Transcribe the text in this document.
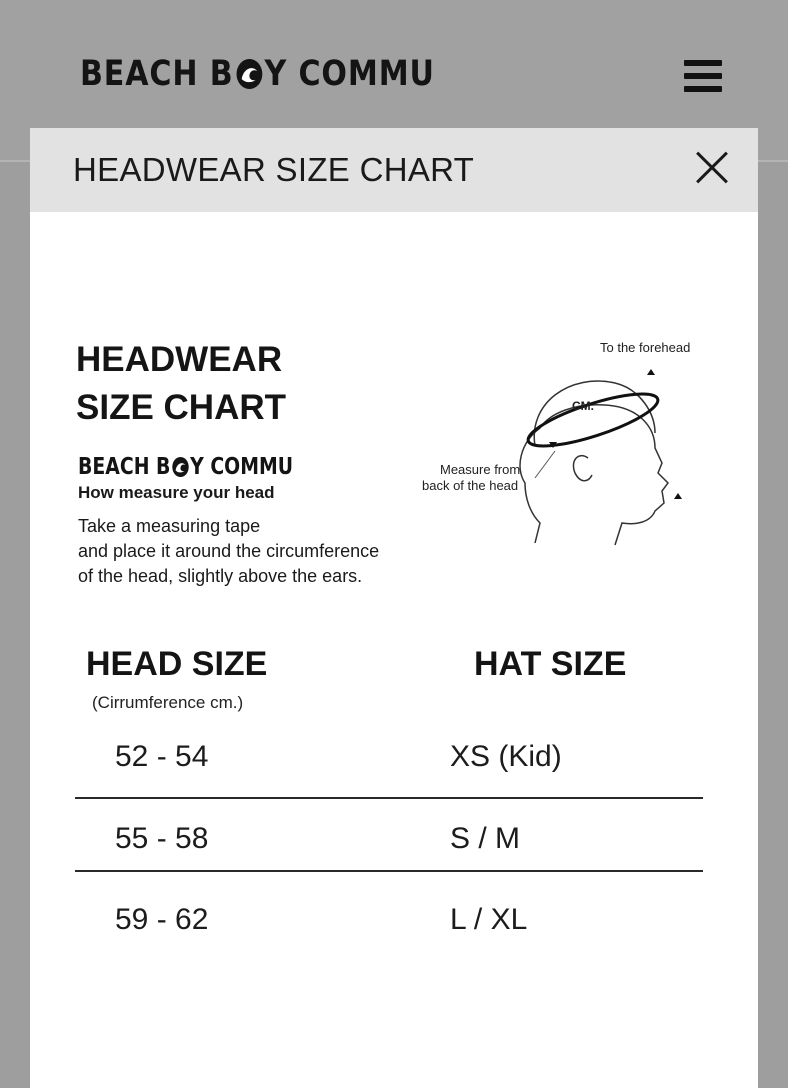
BEACH B Y COMMU
HEADWEAR SIZE CHART
HEADWEAR
SIZE CHART
BEACH B Y COMMU
How measure your head
Take a measuring tape
and place it around the circumference
of the head, slightly above the ears.
To the forehead
CM.
Measure from
back of the head
HEAD SIZE	HAT SIZE
(Cirrumference cm.)
52 - 54	XS (Kid)
55 - 58	S / M
59 - 62	L / XL
